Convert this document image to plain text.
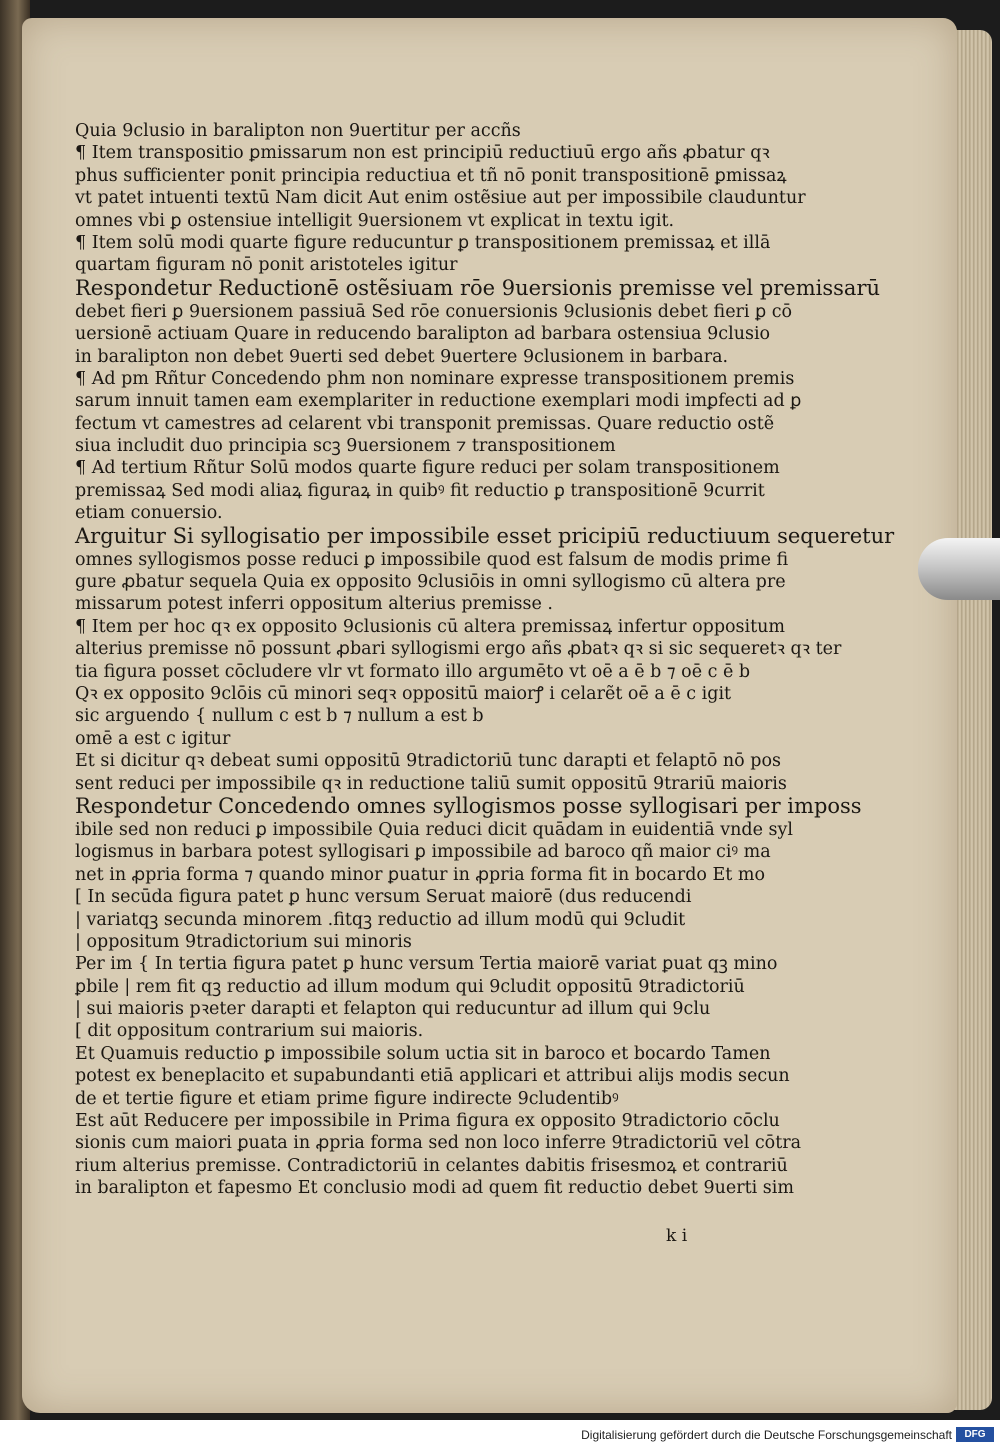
Quia 9clusio in baralipton non 9uertitur per accñs
¶ Item transpositio ꝑmissarum non est principiū reductiuū ergo añs ꝓbatur qꝛ
phus sufficienter ponit principia reductiua et tñ nō ponit transpositionē ꝑmissaꝝ
vt patet intuenti textū Nam dicit Aut enim ostẽsiue aut per impossibile clauduntur
omnes vbi ꝑ ostensiue intelligit 9uersionem vt explicat in textu igit.
¶ Item solū modi quarte figure reducuntur ꝑ transpositionem premissaꝝ et illā
quartam figuram nō ponit aristoteles igitur
Respondetur Reductionē ostẽsiuam rōe 9uersionis premisse vel premissarū
debet fieri ꝑ 9uersionem passiuā Sed rōe conuersionis 9clusionis debet fieri ꝑ cō
uersionē actiuam Quare in reducendo baralipton ad barbara ostensiua 9clusio
in baralipton non debet 9uerti sed debet 9uertere 9clusionem in barbara.
¶ Ad pm Rñtur Concedendo phm non nominare expresse transpositionem premis
sarum innuit tamen eam exemplariter in reductione exemplari modi imꝑfecti ad ꝑ
fectum vt camestres ad celarent vbi transponit premissas. Quare reductio ostẽ
siua includit duo principia scꝫ 9uersionem ⁊ transpositionem
¶ Ad tertium Rñtur Solū modos quarte figure reduci per solam transpositionem
premissaꝝ Sed modi aliaꝝ figuraꝝ in quibꝰ fit reductio ꝑ transpositionē 9currit
etiam conuersio.
Arguitur Si syllogisatio per impossibile esset pricipiū reductiuum sequeretur
omnes syllogismos posse reduci ꝑ impossibile quod est falsum de modis prime fi
gure ꝓbatur sequela Quia ex opposito 9clusiōis in omni syllogismo cū altera pre
missarum potest inferri oppositum alterius premisse .
¶ Item per hoc qꝛ ex opposito 9clusionis cū altera premissaꝝ infertur oppositum
alterius premisse nō possunt ꝓbari syllogismi ergo añs ꝓbatꝛ qꝛ si sic sequeretꝛ qꝛ ter
tia figura posset cōcludere vlr vt formato illo argumēto vt oē a ē b ⁊ oē c ē b
Qꝛ ex opposito 9clōis cū minori seqꝛ oppositū maiorꝭ i celarẽt oē a ē c igit
sic arguendo { nullum c est b ⁊ nullum a est b
omē a est c igitur
Et si dicitur qꝛ debeat sumi oppositū 9tradictoriū tunc darapti et felaptō nō pos
sent reduci per impossibile qꝛ in reductione taliū sumit oppositū 9trariū maioris
Respondetur Concedendo omnes syllogismos posse syllogisari per imposs
ibile sed non reduci ꝑ impossibile Quia reduci dicit quādam in euidentiā vnde syl
logismus in barbara potest syllogisari ꝑ impossibile ad baroco qñ maior ciꝰ ma
net in ꝓpria forma ⁊ quando minor ꝑuatur in ꝓpria forma fit in bocardo Et mo
[ In secūda figura patet ꝑ hunc versum Seruat maiorē (dus reducendi
| variatqꝫ secunda minorem .fitqꝫ reductio ad illum modū qui 9cludit
| oppositum 9tradictorium sui minoris
Per im { In tertia figura patet ꝑ hunc versum Tertia maiorē variat ꝑuat qꝫ mino
ꝑbile | rem fit qꝫ reductio ad illum modum qui 9cludit oppositū 9tradictoriū
| sui maioris pꝛeter darapti et felapton qui reducuntur ad illum qui 9clu
[ dit oppositum contrarium sui maioris.
Et Quamuis reductio ꝑ impossibile solum uctia sit in baroco et bocardo Tamen
potest ex beneplacito et supabundanti etiā applicari et attribui alijs modis secun
de et tertie figure et etiam prime figure indirecte 9cludentibꝰ
Est aūt Reducere per impossibile in Prima figura ex opposito 9tradictorio cōclu
sionis cum maiori ꝑuata in ꝓpria forma sed non loco inferre 9tradictoriū vel cōtra
rium alterius premisse. Contradictoriū in celantes dabitis frisesmoꝝ et contrariū
in baralipton et fapesmo Et conclusio modi ad quem fit reductio debet 9uerti sim
k i
Digitalisierung gefördert durch die Deutsche Forschungsgemeinschaft	DFG
